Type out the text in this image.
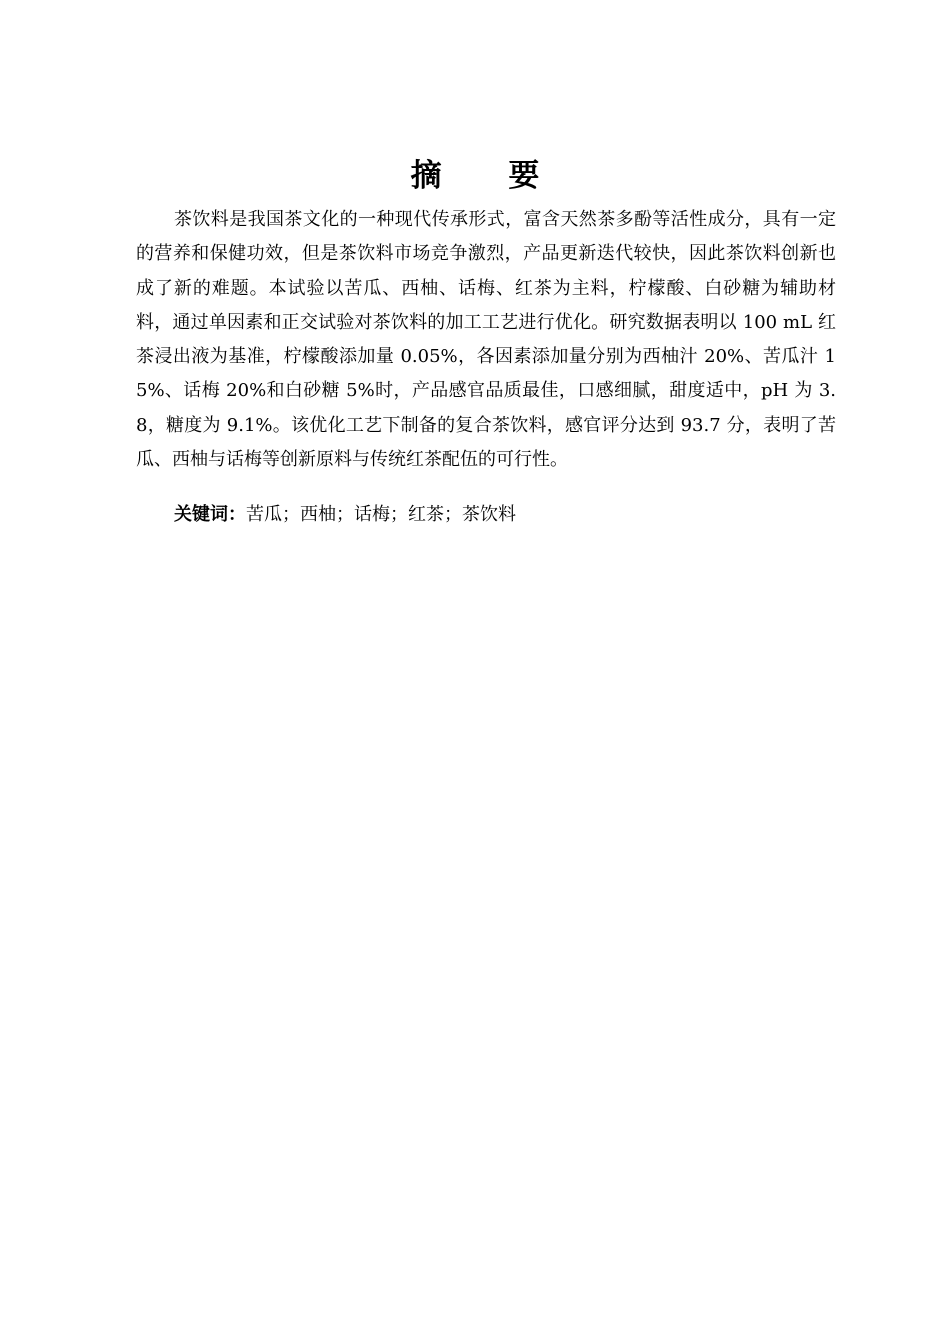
摘 要

茶饮料是我国茶文化的一种现代传承形式，富含天然茶多酚等活性成分，具有一定的营养和保健功效，但是茶饮料市场竞争激烈，产品更新迭代较快，因此茶饮料创新也成了新的难题。本试验以苦瓜、西柚、话梅、红茶为主料，柠檬酸、白砂糖为辅助材料，通过单因素和正交试验对茶饮料的加工工艺进行优化。研究数据表明以 100 mL 红茶浸出液为基准，柠檬酸添加量 0.05%，各因素添加量分别为西柚汁 20%、苦瓜汁 15%、话梅 20%和白砂糖 5%时，产品感官品质最佳，口感细腻，甜度适中，pH 为 3.8，糖度为 9.1%。该优化工艺下制备的复合茶饮料，感官评分达到 93.7 分，表明了苦瓜、西柚与话梅等创新原料与传统红茶配伍的可行性。

关键词：苦瓜；西柚；话梅；红茶；茶饮料
